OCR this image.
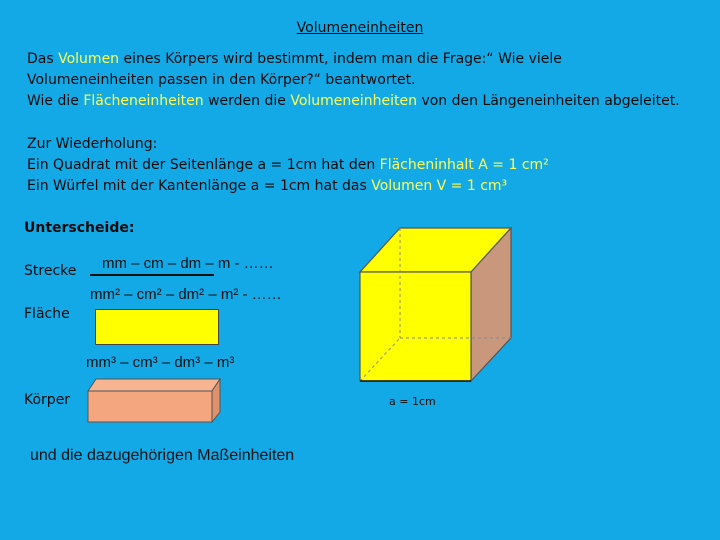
Volumeneinheiten
Das Volumen eines Körpers wird bestimmt, indem man die Frage:“ Wie viele
Volumeneinheiten passen in den Körper?“ beantwortet.
Wie die Flächeneinheiten werden die Volumeneinheiten von den Längeneinheiten abgeleitet.
Zur Wiederholung:
Ein Quadrat mit der Seitenlänge a = 1cm hat den Flächeninhalt A = 1 cm²
Ein Würfel mit der Kantenlänge a = 1cm hat das Volumen V = 1 cm³
Unterscheide:
Strecke mm – cm – dm – m - ……
mm² – cm² – dm² – m² - ……
Fläche
mm³ – cm³ – dm³ – m³
Körper
und die dazugehörigen Maßeinheiten
a = 1cm
